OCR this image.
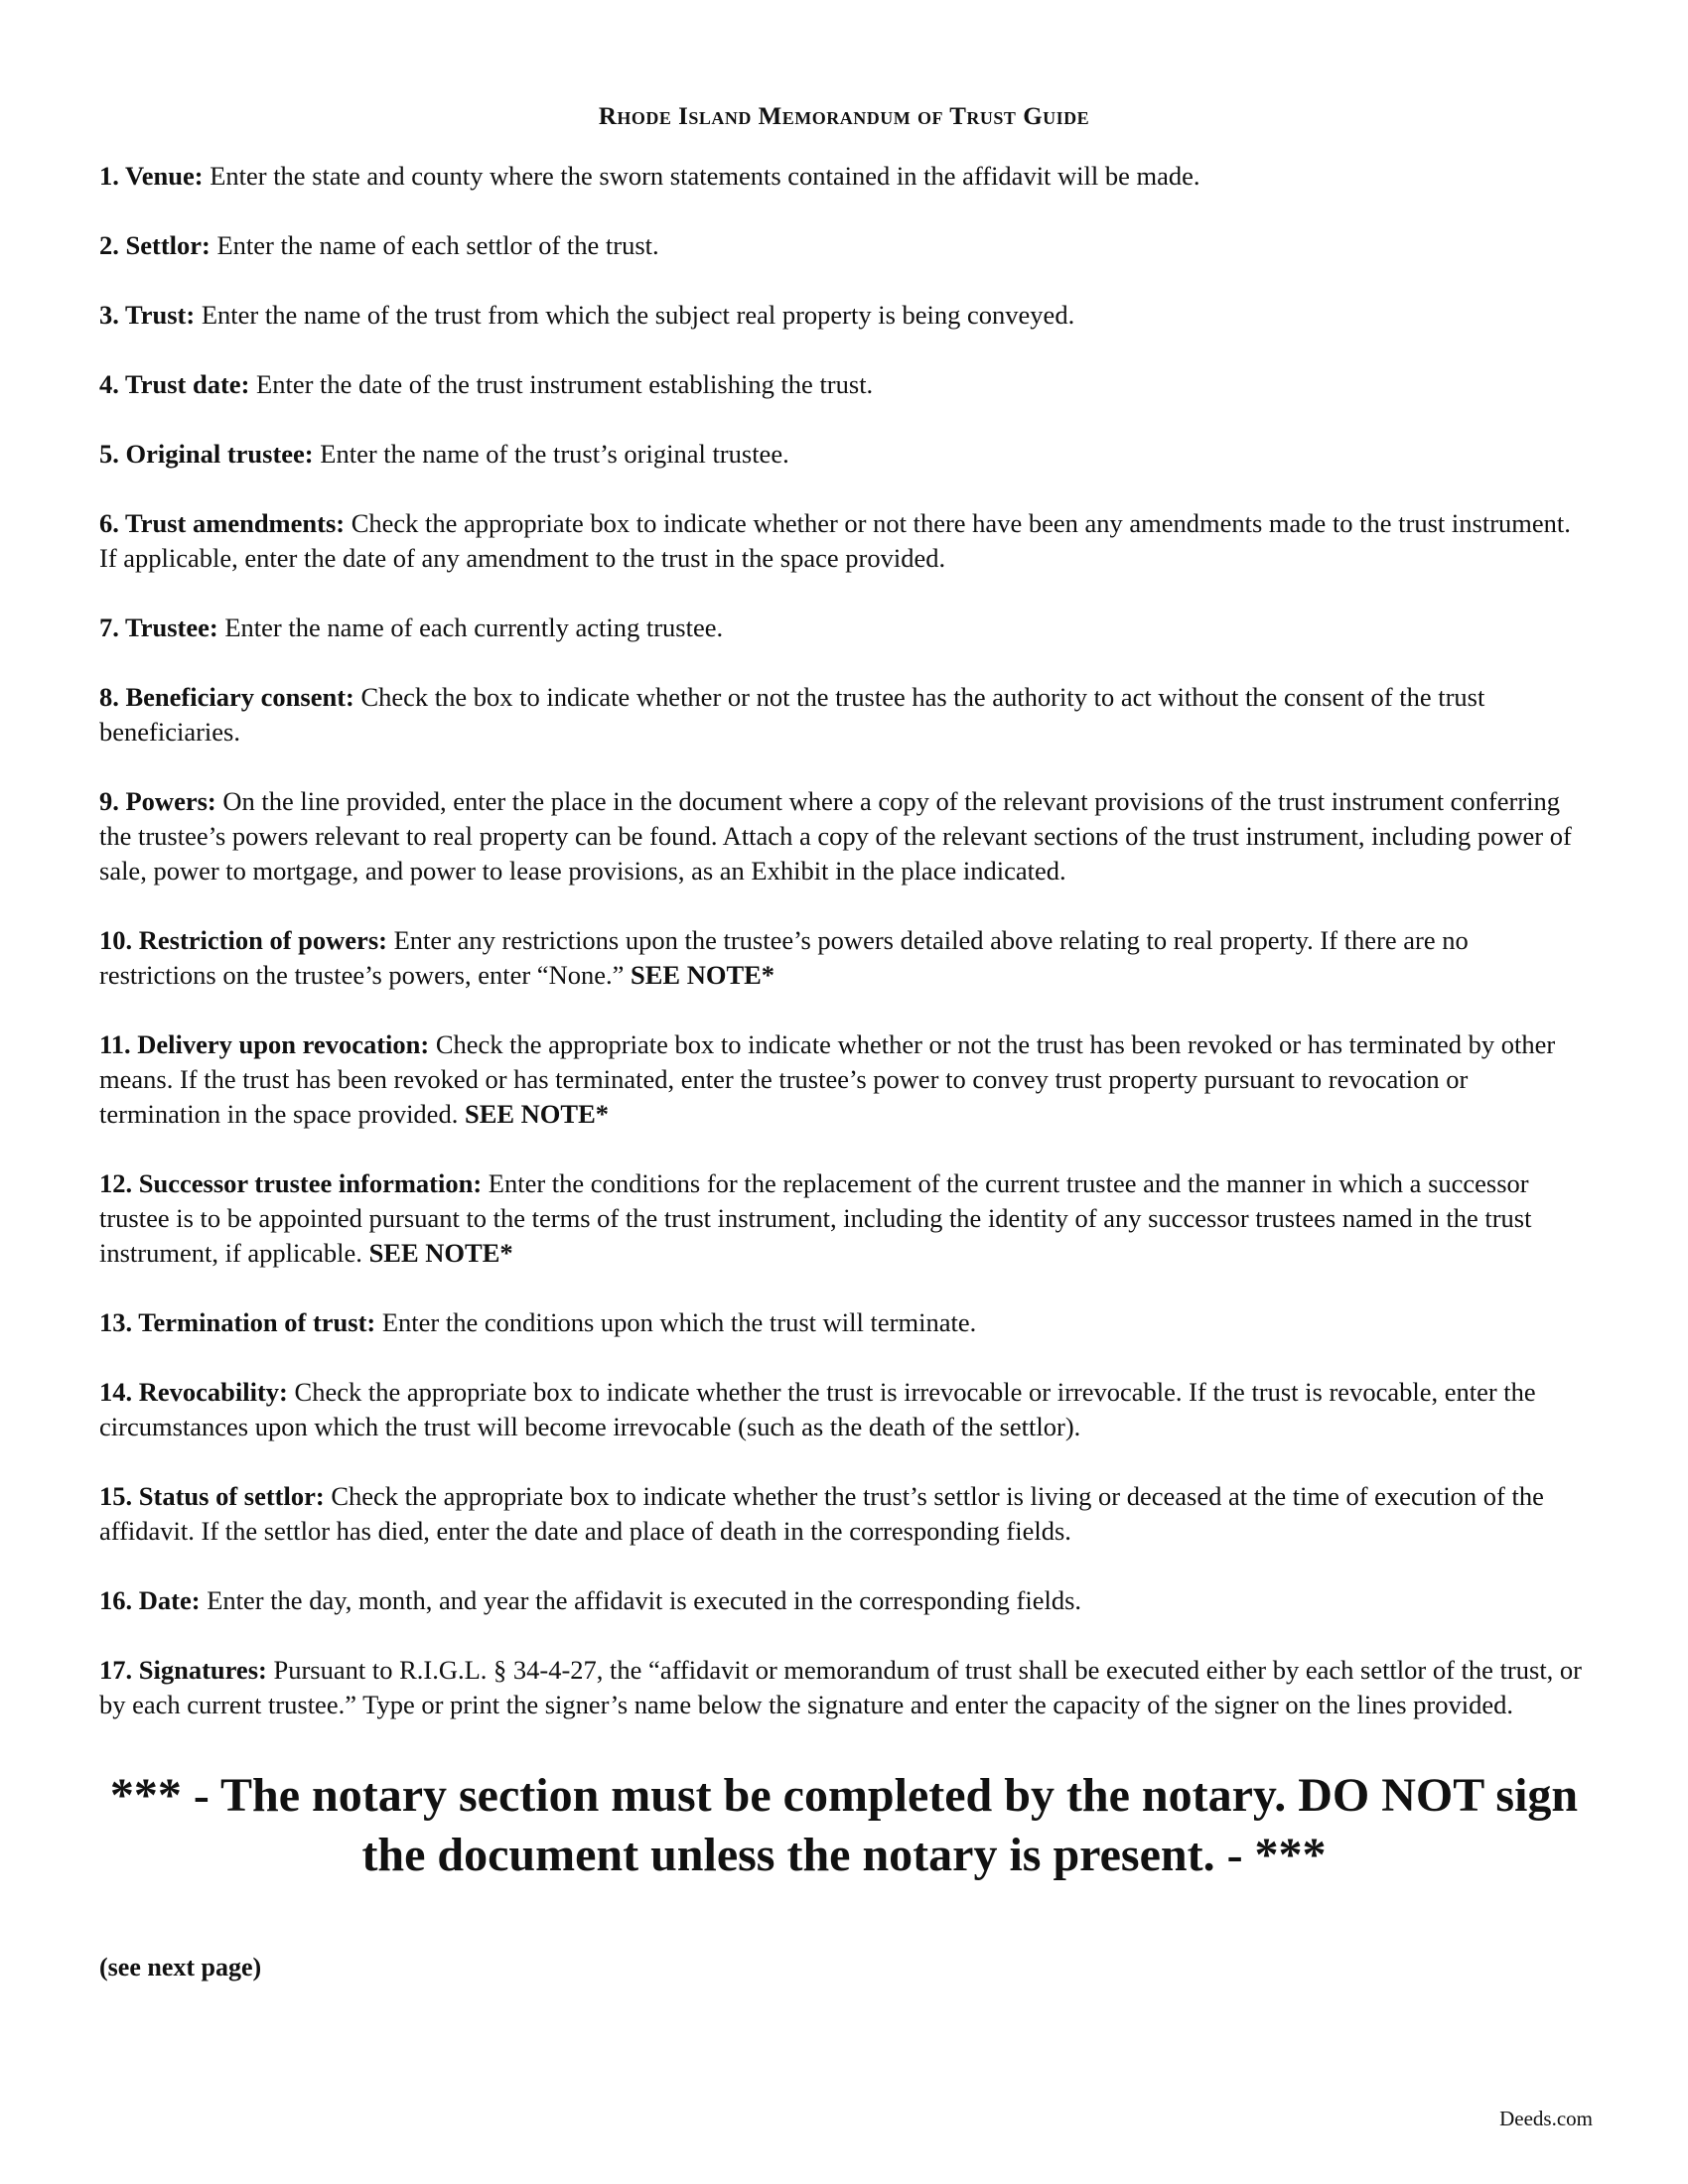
Rhode Island Memorandum of Trust Guide
1. Venue: Enter the state and county where the sworn statements contained in the affidavit will be made.
2. Settlor: Enter the name of each settlor of the trust.
3. Trust: Enter the name of the trust from which the subject real property is being conveyed.
4. Trust date: Enter the date of the trust instrument establishing the trust.
5. Original trustee: Enter the name of the trust’s original trustee.
6. Trust amendments: Check the appropriate box to indicate whether or not there have been any amendments made to the trust instrument. If applicable, enter the date of any amendment to the trust in the space provided.
7. Trustee: Enter the name of each currently acting trustee.
8. Beneficiary consent: Check the box to indicate whether or not the trustee has the authority to act without the consent of the trust beneficiaries.
9. Powers: On the line provided, enter the place in the document where a copy of the relevant provisions of the trust instrument conferring the trustee’s powers relevant to real property can be found. Attach a copy of the relevant sections of the trust instrument, including power of sale, power to mortgage, and power to lease provisions, as an Exhibit in the place indicated.
10. Restriction of powers: Enter any restrictions upon the trustee’s powers detailed above relating to real property. If there are no restrictions on the trustee’s powers, enter “None.” SEE NOTE*
11. Delivery upon revocation: Check the appropriate box to indicate whether or not the trust has been revoked or has terminated by other means. If the trust has been revoked or has terminated, enter the trustee’s power to convey trust property pursuant to revocation or termination in the space provided. SEE NOTE*
12. Successor trustee information: Enter the conditions for the replacement of the current trustee and the manner in which a successor trustee is to be appointed pursuant to the terms of the trust instrument, including the identity of any successor trustees named in the trust instrument, if applicable. SEE NOTE*
13. Termination of trust: Enter the conditions upon which the trust will terminate.
14. Revocability: Check the appropriate box to indicate whether the trust is irrevocable or irrevocable. If the trust is revocable, enter the circumstances upon which the trust will become irrevocable (such as the death of the settlor).
15. Status of settlor: Check the appropriate box to indicate whether the trust’s settlor is living or deceased at the time of execution of the affidavit. If the settlor has died, enter the date and place of death in the corresponding fields.
16. Date: Enter the day, month, and year the affidavit is executed in the corresponding fields.
17. Signatures: Pursuant to R.I.G.L. § 34-4-27, the “affidavit or memorandum of trust shall be executed either by each settlor of the trust, or by each current trustee.” Type or print the signer’s name below the signature and enter the capacity of the signer on the lines provided.
*** - The notary section must be completed by the notary. DO NOT sign the document unless the notary is present. - ***
(see next page)
Deeds.com
